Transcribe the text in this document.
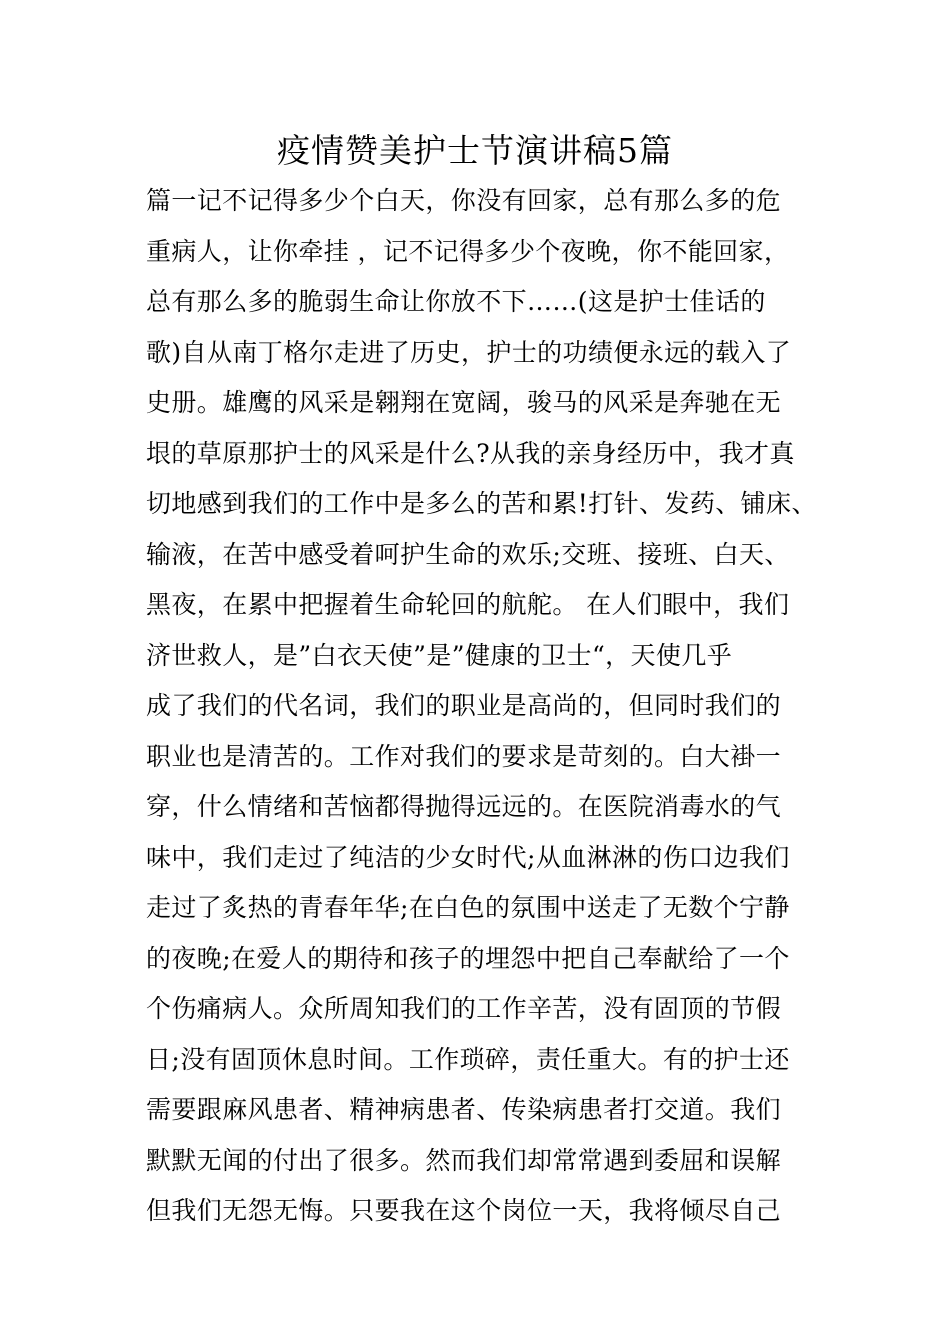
疫情赞美护士节演讲稿5篇
篇一记不记得多少个白天，你没有回家，总有那么多的危
重病人，让你牵挂 ，记不记得多少个夜晚，你不能回家，
总有那么多的脆弱生命让你放不下……(这是护士佳话的
歌)自从南丁格尔走进了历史，护士的功绩便永远的载入了
史册。雄鹰的风采是翱翔在宽阔，骏马的风采是奔驰在无
垠的草原那护士的风采是什么?从我的亲身经历中，我才真
切地感到我们的工作中是多么的苦和累!打针、发药、铺床、
输液，在苦中感受着呵护生命的欢乐;交班、接班、白天、
黑夜，在累中把握着生命轮回的航舵。 在人们眼中，我们
济世救人，是”白衣天使”是”健康的卫士“，天使几乎
成了我们的代名词，我们的职业是高尚的，但同时我们的
职业也是清苦的。工作对我们的要求是苛刻的。白大褂一
穿，什么情绪和苦恼都得抛得远远的。在医院消毒水的气
味中，我们走过了纯洁的少女时代;从血淋淋的伤口边我们
走过了炙热的青春年华;在白色的氛围中送走了无数个宁静
的夜晚;在爱人的期待和孩子的埋怨中把自己奉献给了一个
个伤痛病人。众所周知我们的工作辛苦，没有固顶的节假
日;没有固顶休息时间。工作琐碎，责任重大。有的护士还
需要跟麻风患者、精神病患者、传染病患者打交道。我们
默默无闻的付出了很多。然而我们却常常遇到委屈和误解
但我们无怨无悔。只要我在这个岗位一天，我将倾尽自己
